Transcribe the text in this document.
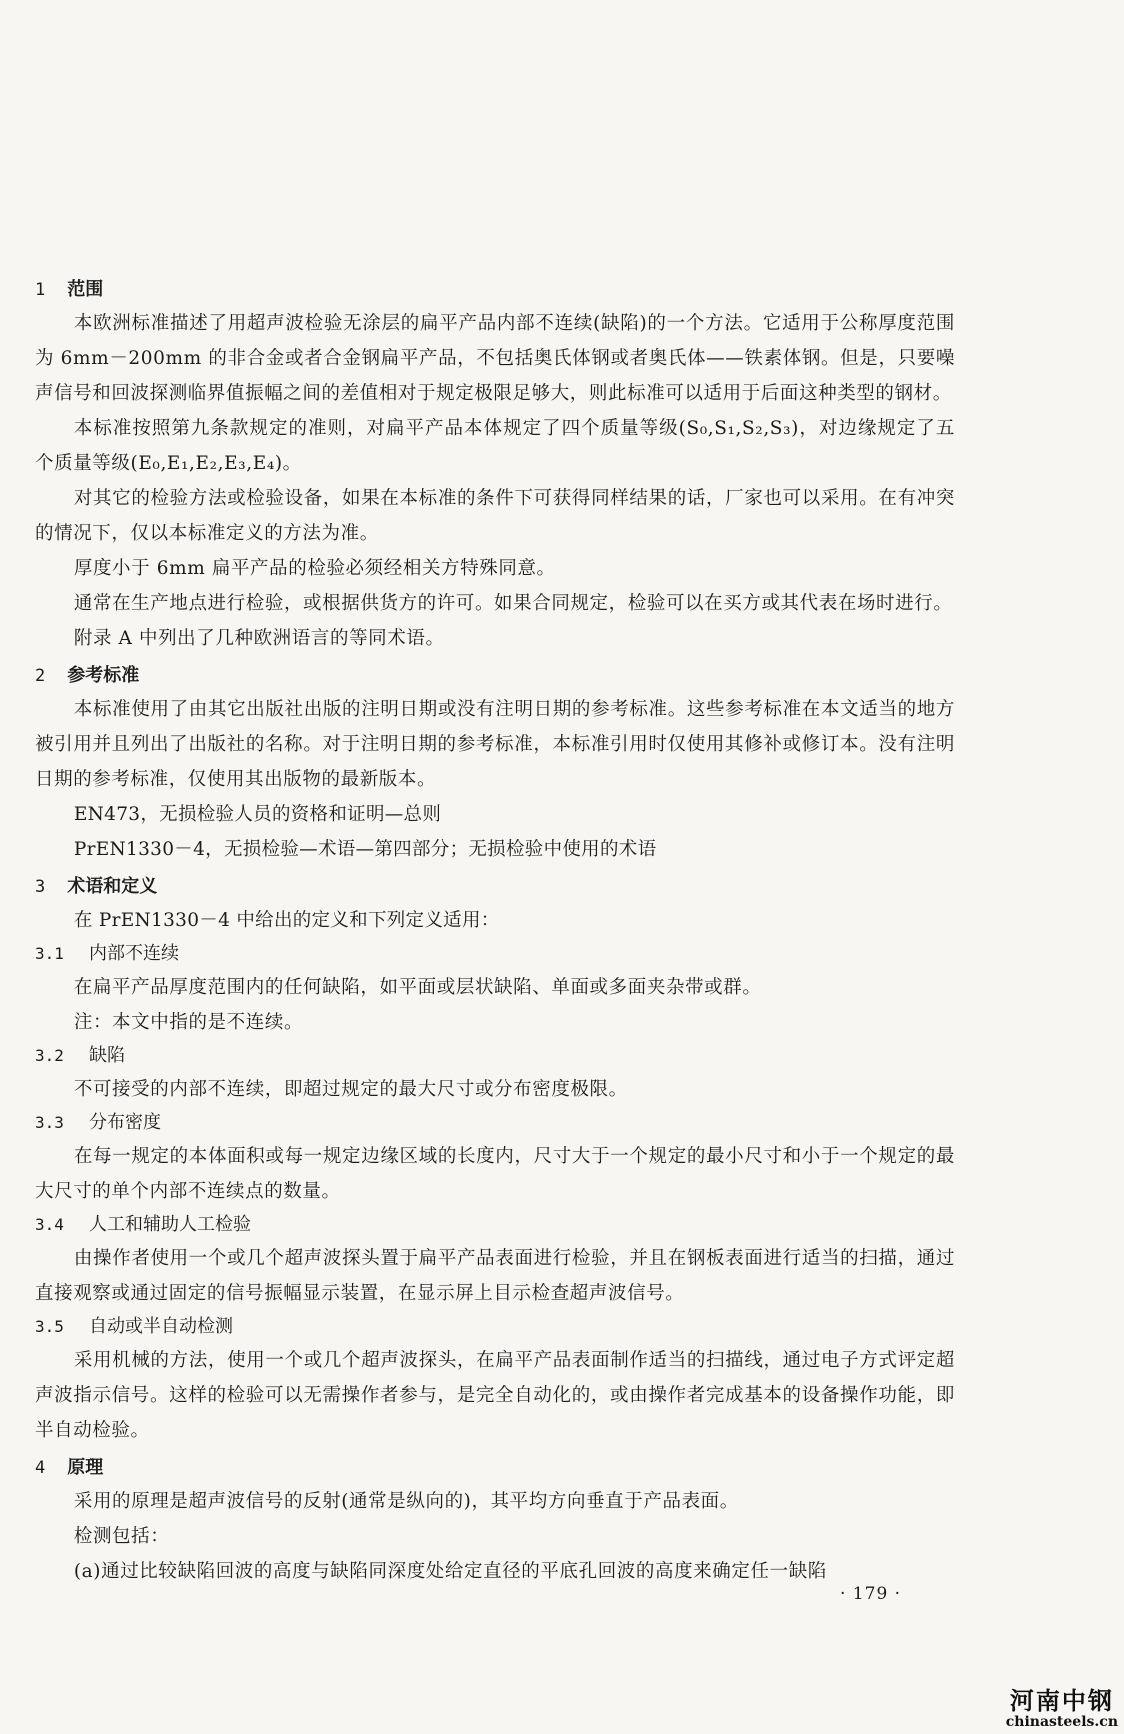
1 范围

本欧洲标准描述了用超声波检验无涂层的扁平产品内部不连续(缺陷)的一个方法。它适用于公称厚度范围为 6mm－200mm 的非合金或者合金钢扁平产品，不包括奥氏体钢或者奥氏体——铁素体钢。但是，只要噪声信号和回波探测临界值振幅之间的差值相对于规定极限足够大，则此标准可以适用于后面这种类型的钢材。

本标准按照第九条款规定的准则，对扁平产品本体规定了四个质量等级(S₀,S₁,S₂,S₃)，对边缘规定了五个质量等级(E₀,E₁,E₂,E₃,E₄)。

对其它的检验方法或检验设备，如果在本标准的条件下可获得同样结果的话，厂家也可以采用。在有冲突的情况下，仅以本标准定义的方法为准。

厚度小于 6mm 扁平产品的检验必须经相关方特殊同意。

通常在生产地点进行检验，或根据供货方的许可。如果合同规定，检验可以在买方或其代表在场时进行。

附录 A 中列出了几种欧洲语言的等同术语。

2 参考标准

本标准使用了由其它出版社出版的注明日期或没有注明日期的参考标准。这些参考标准在本文适当的地方被引用并且列出了出版社的名称。对于注明日期的参考标准，本标准引用时仅使用其修补或修订本。没有注明日期的参考标准，仅使用其出版物的最新版本。

EN473，无损检验人员的资格和证明—总则

PrEN1330－4，无损检验—术语—第四部分；无损检验中使用的术语

3 术语和定义

在 PrEN1330－4 中给出的定义和下列定义适用：

3.1 内部不连续

在扁平产品厚度范围内的任何缺陷，如平面或层状缺陷、单面或多面夹杂带或群。

注：本文中指的是不连续。

3.2 缺陷

不可接受的内部不连续，即超过规定的最大尺寸或分布密度极限。

3.3 分布密度

在每一规定的本体面积或每一规定边缘区域的长度内，尺寸大于一个规定的最小尺寸和小于一个规定的最大尺寸的单个内部不连续点的数量。

3.4 人工和辅助人工检验

由操作者使用一个或几个超声波探头置于扁平产品表面进行检验，并且在钢板表面进行适当的扫描，通过直接观察或通过固定的信号振幅显示装置，在显示屏上目示检查超声波信号。

3.5 自动或半自动检测

采用机械的方法，使用一个或几个超声波探头，在扁平产品表面制作适当的扫描线，通过电子方式评定超声波指示信号。这样的检验可以无需操作者参与，是完全自动化的，或由操作者完成基本的设备操作功能，即半自动检验。

4 原理

采用的原理是超声波信号的反射(通常是纵向的)，其平均方向垂直于产品表面。

检测包括：

(a)通过比较缺陷回波的高度与缺陷同深度处给定直径的平底孔回波的高度来确定任一缺陷

· 179 ·
河南中钢
chinasteels.cn
